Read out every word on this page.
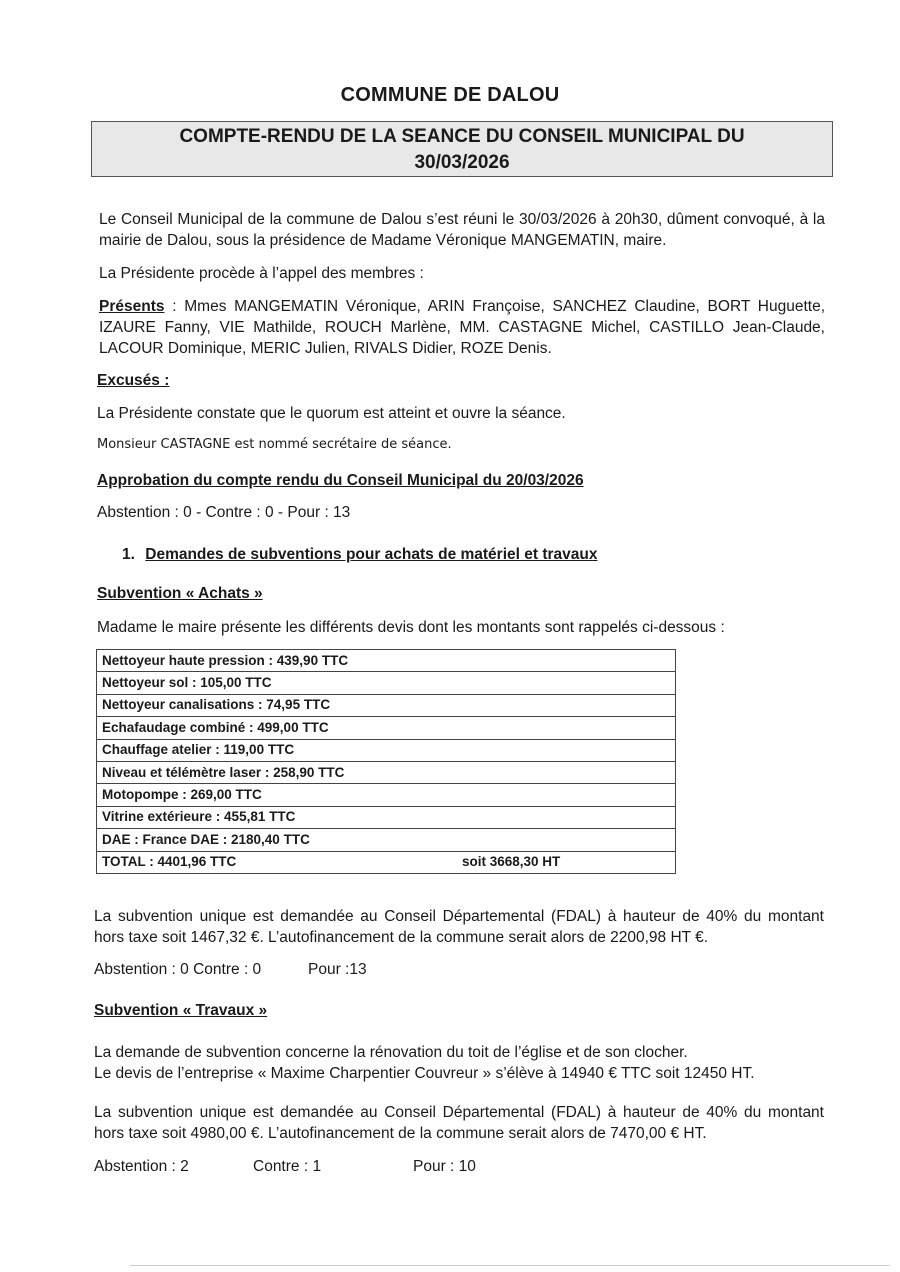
COMMUNE DE DALOU
COMPTE-RENDU DE LA SEANCE DU CONSEIL MUNICIPAL DU
30/03/2026
Le Conseil Municipal de la commune de Dalou s’est réuni le 30/03/2026 à 20h30, dûment convoqué, à la mairie de Dalou, sous la présidence de Madame Véronique MANGEMATIN, maire.
La Présidente procède à l’appel des membres :
Présents : Mmes MANGEMATIN Véronique, ARIN Françoise, SANCHEZ Claudine, BORT Huguette, IZAURE Fanny, VIE Mathilde, ROUCH Marlène, MM. CASTAGNE Michel, CASTILLO Jean-Claude, LACOUR Dominique, MERIC Julien, RIVALS Didier, ROZE Denis.
Excusés :
La Présidente constate que le quorum est atteint et ouvre la séance.
Monsieur CASTAGNE est nommé secrétaire de séance.
Approbation du compte rendu du Conseil Municipal du 20/03/2026
Abstention : 0 - Contre : 0 - Pour : 13
1. Demandes de subventions pour achats de matériel et travaux
Subvention « Achats »
Madame le maire présente les différents devis dont les montants sont rappelés ci-dessous :
Nettoyeur haute pression : 439,90 TTC
Nettoyeur sol : 105,00 TTC
Nettoyeur canalisations : 74,95 TTC
Echafaudage combiné : 499,00 TTC
Chauffage atelier : 119,00 TTC
Niveau et télémètre laser : 258,90 TTC
Motopompe : 269,00 TTC
Vitrine extérieure : 455,81 TTC
DAE : France DAE : 2180,40 TTC
TOTAL : 4401,96 TTC	soit 3668,30 HT
La subvention unique est demandée au Conseil Départemental (FDAL) à hauteur de 40% du montant hors taxe soit 1467,32 €. L’autofinancement de la commune serait alors de 2200,98 HT €.
Abstention : 0 Contre : 0	Pour :13
Subvention « Travaux »
La demande de subvention concerne la rénovation du toit de l’église et de son clocher.
Le devis de l’entreprise « Maxime Charpentier Couvreur » s’élève à 14940 € TTC soit 12450 HT.
La subvention unique est demandée au Conseil Départemental (FDAL) à hauteur de 40% du montant hors taxe soit 4980,00 €. L’autofinancement de la commune serait alors de 7470,00 € HT.
Abstention : 2	Contre : 1	Pour : 10
